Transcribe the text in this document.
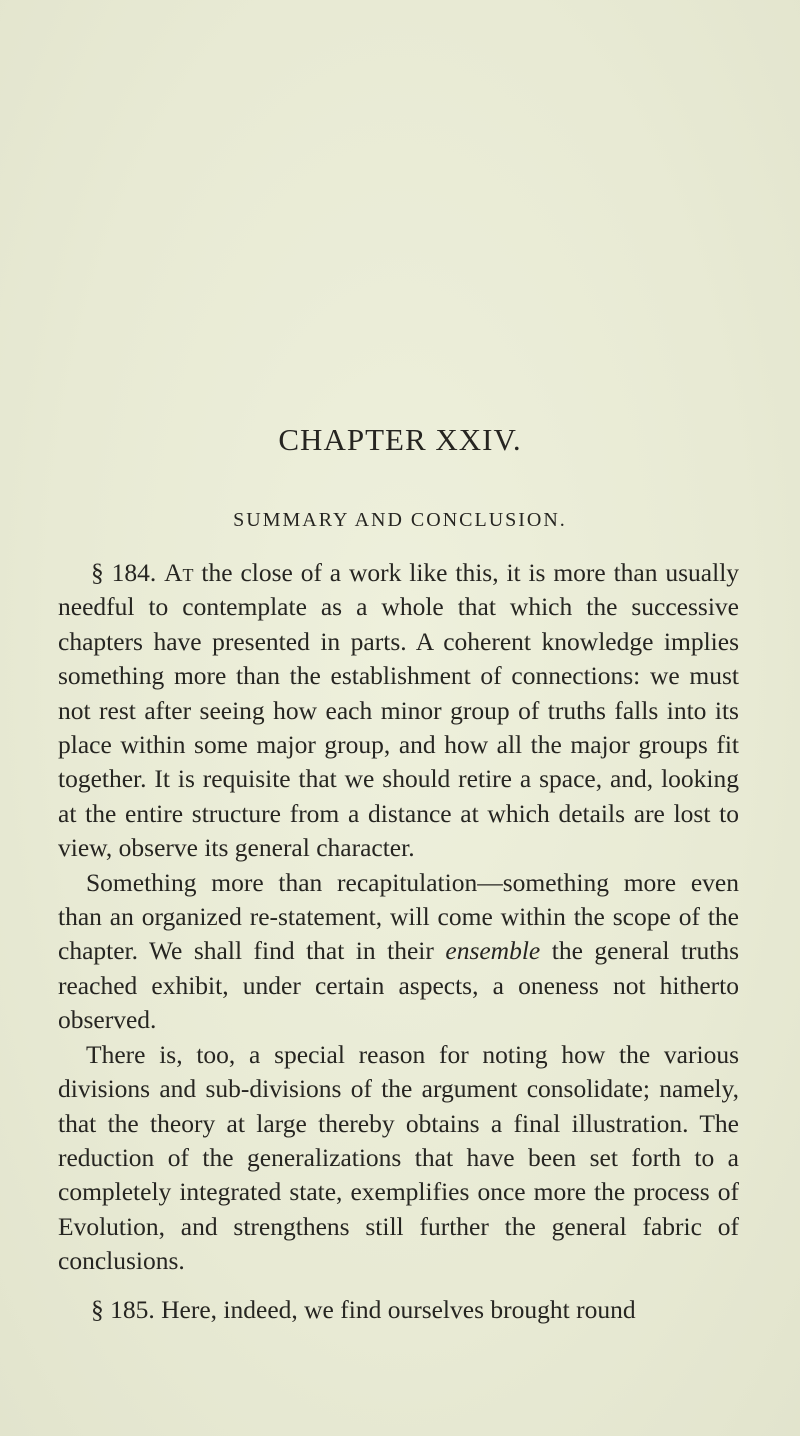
CHAPTER XXIV.
SUMMARY AND CONCLUSION.

§ 184. At the close of a work like this, it is more than usually needful to contemplate as a whole that which the successive chapters have presented in parts. A coherent knowledge implies something more than the establishment of connections: we must not rest after seeing how each minor group of truths falls into its place within some major group, and how all the major groups fit together. It is requisite that we should retire a space, and, looking at the entire structure from a distance at which details are lost to view, observe its general character.

Something more than recapitulation—something more even than an organized re-statement, will come within the scope of the chapter. We shall find that in their ensemble the general truths reached exhibit, under certain aspects, a oneness not hitherto observed.

There is, too, a special reason for noting how the various divisions and sub-divisions of the argument consolidate; namely, that the theory at large thereby obtains a final illustration. The reduction of the generalizations that have been set forth to a completely integrated state, exemplifies once more the process of Evolution, and strengthens still further the general fabric of conclusions.

§ 185. Here, indeed, we find ourselves brought round
